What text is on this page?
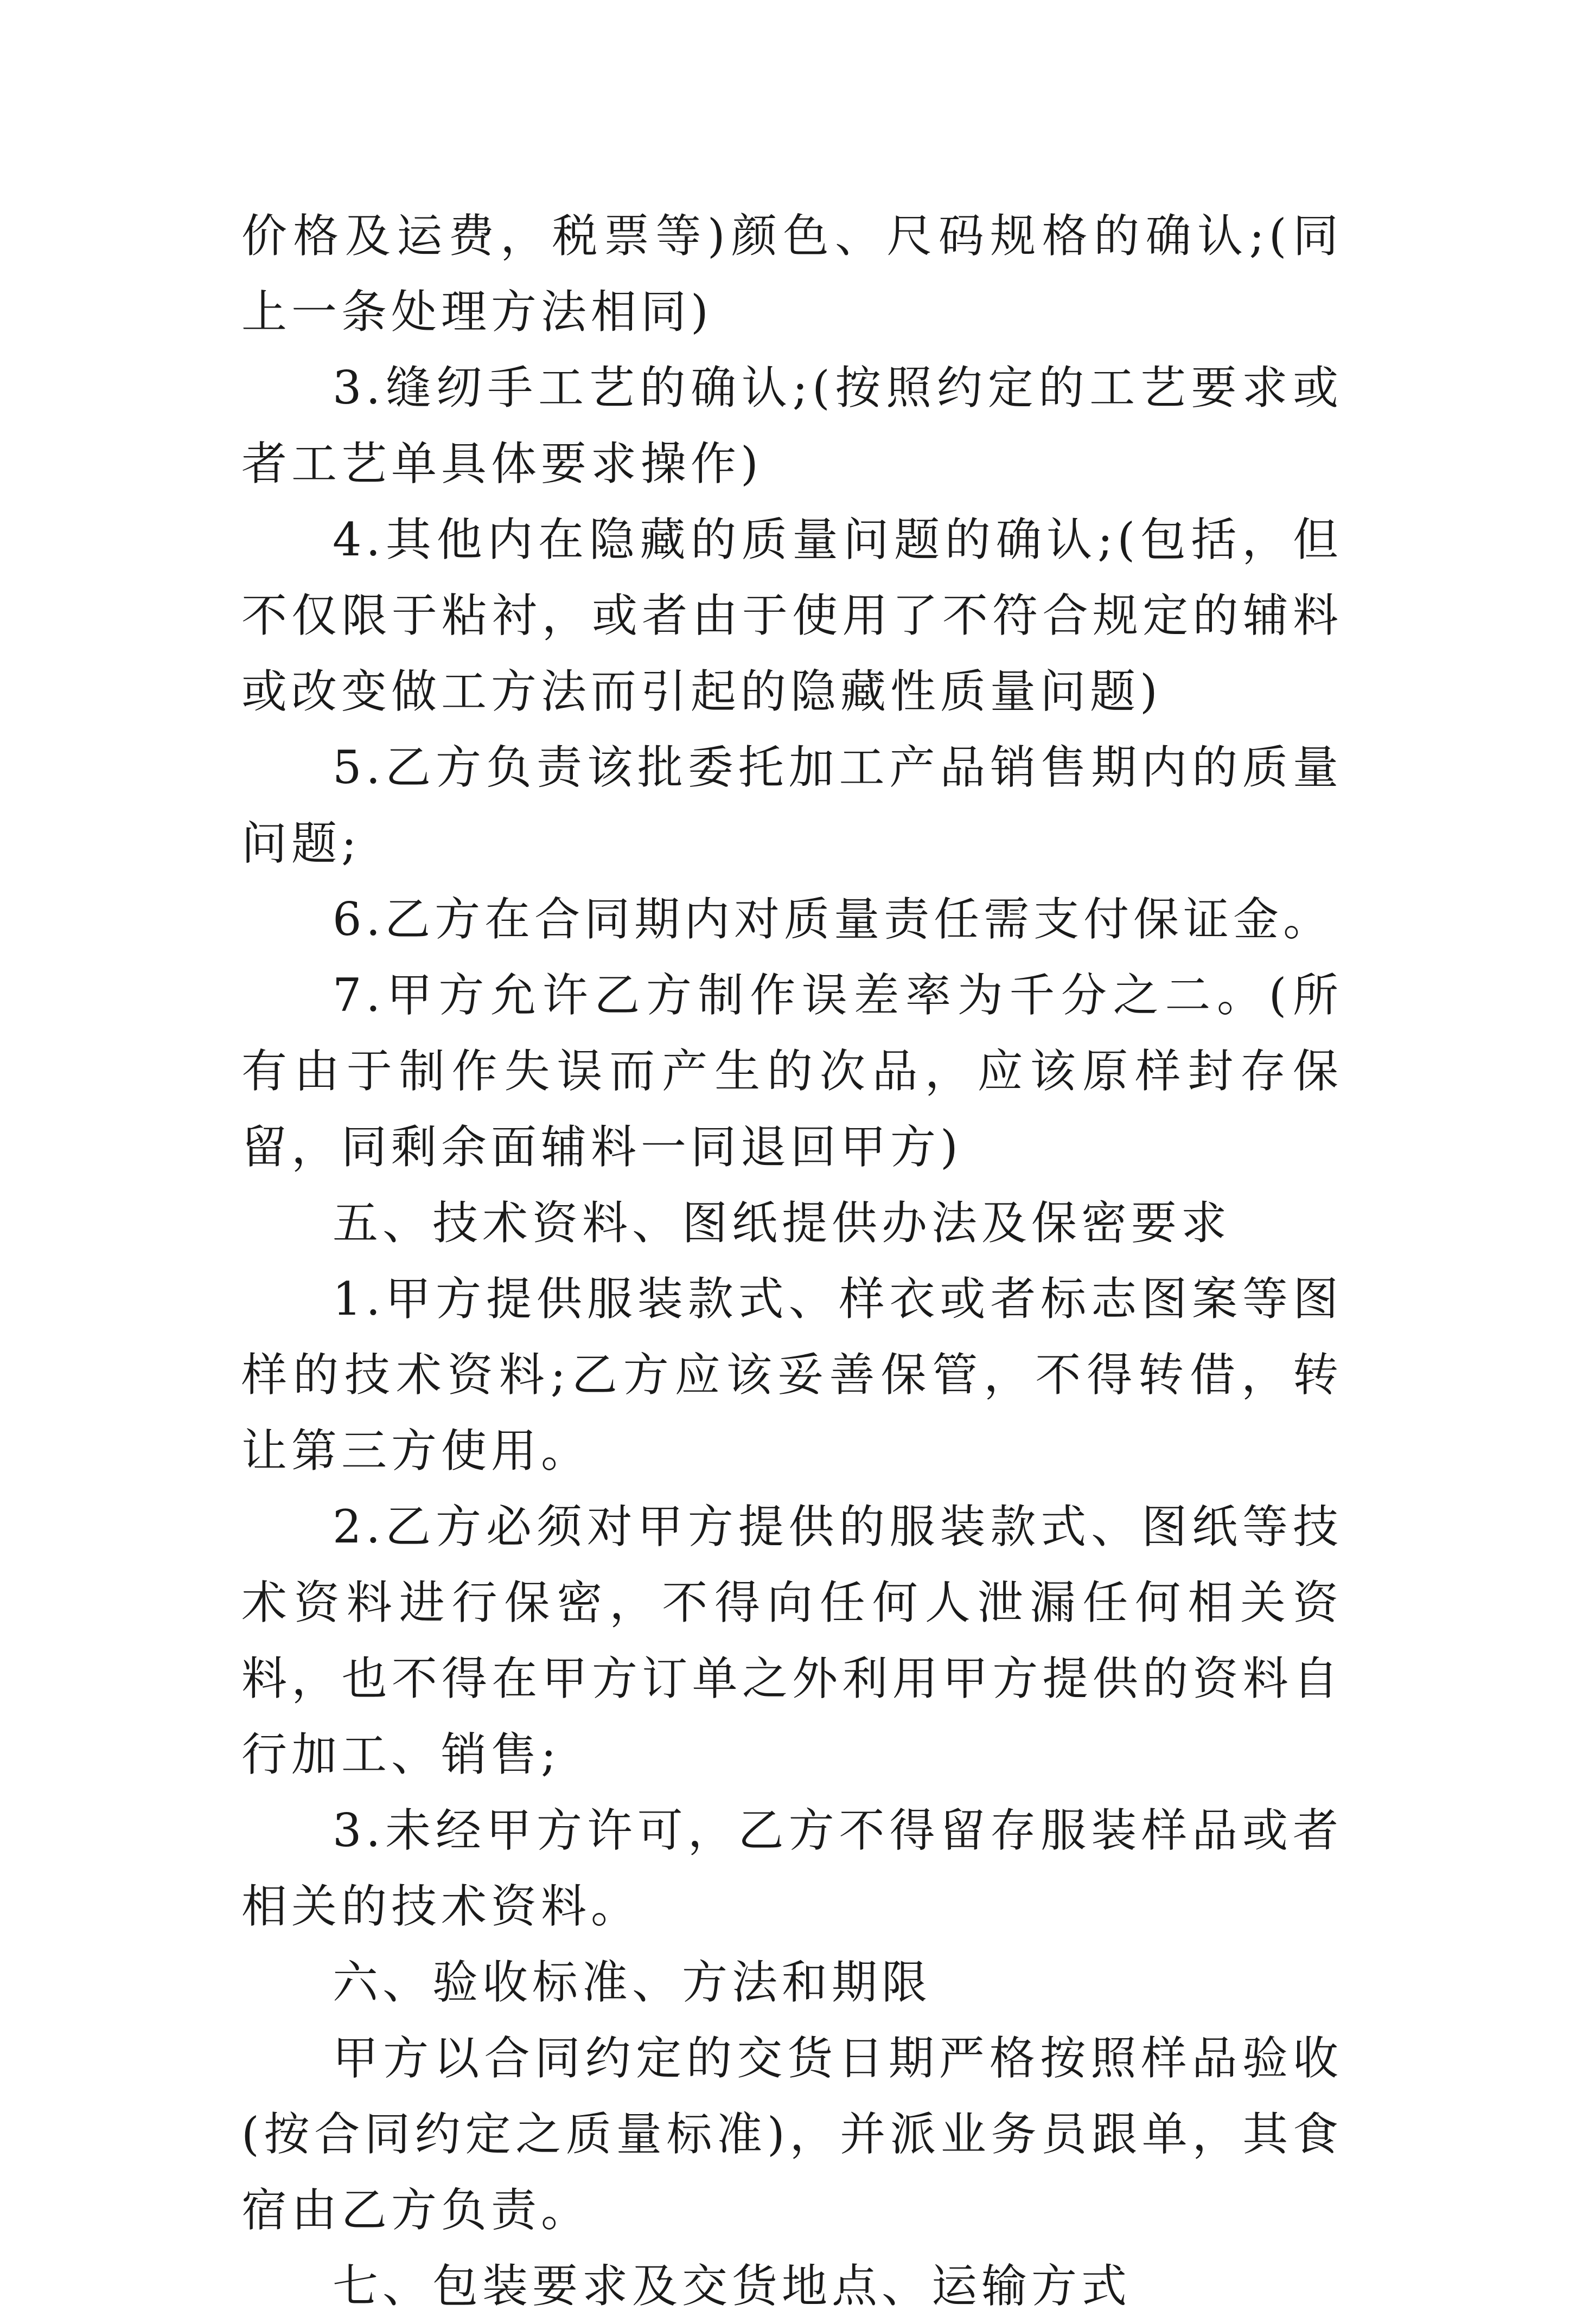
价格及运费，税票等)颜色、尺码规格的确认;(同上一条处理方法相同)

3.缝纫手工艺的确认;(按照约定的工艺要求或者工艺单具体要求操作)

4.其他内在隐藏的质量问题的确认;(包括，但不仅限于粘衬，或者由于使用了不符合规定的辅料或改变做工方法而引起的隐藏性质量问题)

5.乙方负责该批委托加工产品销售期内的质量问题;

6.乙方在合同期内对质量责任需支付保证金。

7.甲方允许乙方制作误差率为千分之二。(所有由于制作失误而产生的次品，应该原样封存保留，同剩余面辅料一同退回甲方)

五、技术资料、图纸提供办法及保密要求

1.甲方提供服装款式、样衣或者标志图案等图样的技术资料;乙方应该妥善保管，不得转借，转让第三方使用。

2.乙方必须对甲方提供的服装款式、图纸等技术资料进行保密，不得向任何人泄漏任何相关资料，也不得在甲方订单之外利用甲方提供的资料自行加工、销售;

3.未经甲方许可，乙方不得留存服装样品或者相关的技术资料。

六、验收标准、方法和期限

甲方以合同约定的交货日期严格按照样品验收(按合同约定之质量标准)，并派业务员跟单，其食宿由乙方负责。

七、包装要求及交货地点、运输方式
